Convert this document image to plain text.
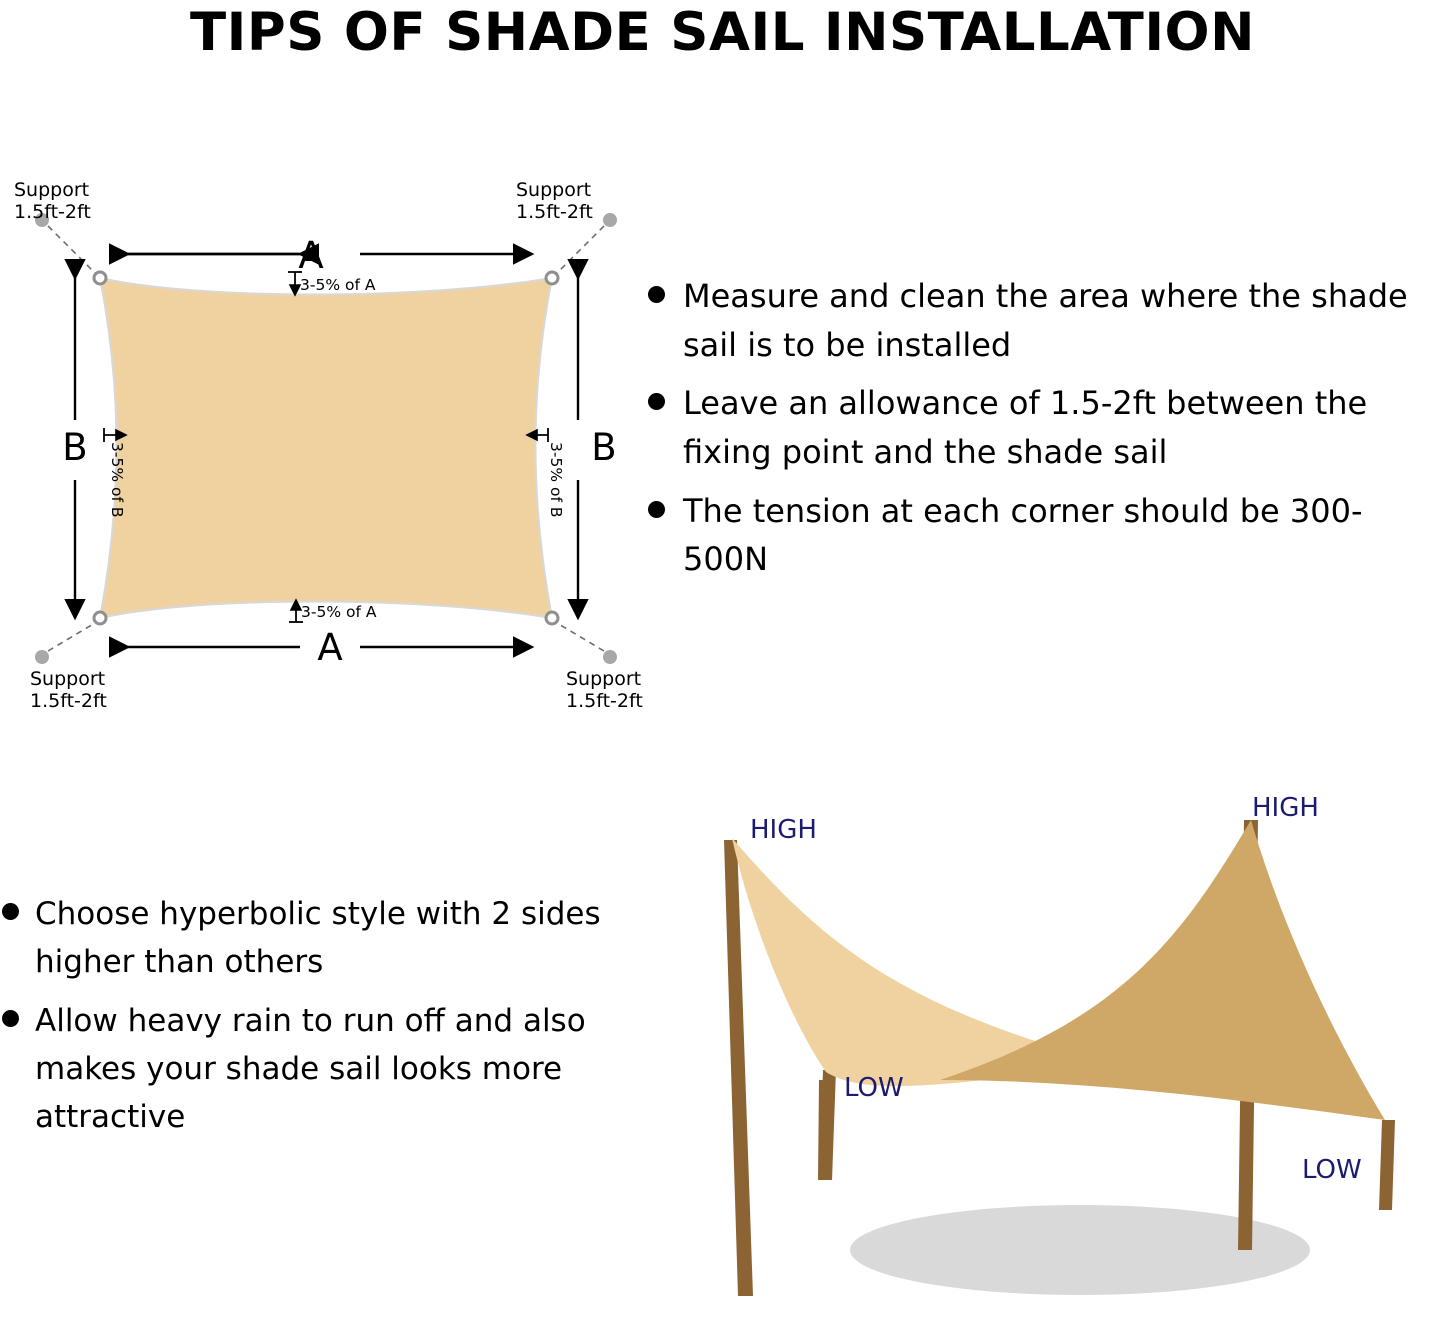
TIPS OF SHADE SAIL INSTALLATION
Support
1.5ft-2ft
Support
1.5ft-2ft
Support
1.5ft-2ft
Support
1.5ft-2ft
A
3-5% of A
A
3-5% of A
B 3-5% of B	B
3-5% of B
Measure and clean the area where the shade sail is to be installed
Leave an allowance of 1.5-2ft between the fixing point and the shade sail
The tension at each corner should be 300-500N
Choose hyperbolic style with 2 sides higher than others
Allow heavy rain to run off and also makes your shade sail looks more attractive
HIGH
HIGH
LOW
LOW
